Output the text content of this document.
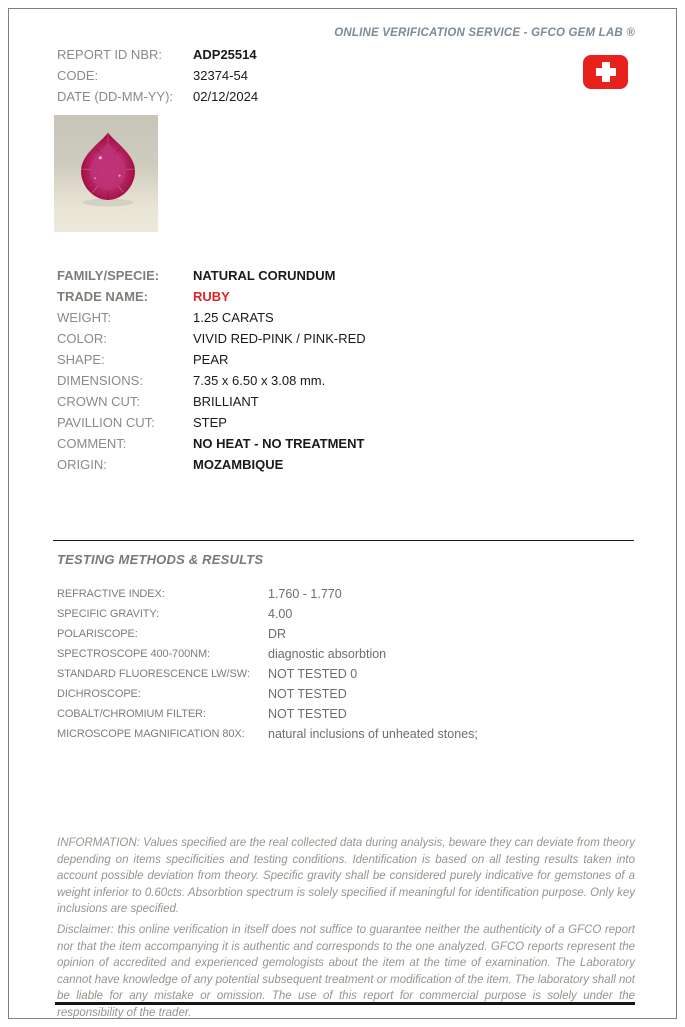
ONLINE VERIFICATION SERVICE - GFCO GEM LAB ®
REPORT ID NBR:	ADP25514
CODE:	32374-54
DATE (DD-MM-YY):	02/12/2024
FAMILY/SPECIE:	NATURAL CORUNDUM
TRADE NAME:	RUBY
WEIGHT:	1.25 CARATS
COLOR:	VIVID RED-PINK / PINK-RED
SHAPE:	PEAR
DIMENSIONS:	7.35 x 6.50 x 3.08 mm.
CROWN CUT:	BRILLIANT
PAVILLION CUT:	STEP
COMMENT:	NO HEAT - NO TREATMENT
ORIGIN:	MOZAMBIQUE
TESTING METHODS & RESULTS
REFRACTIVE INDEX:	1.760 - 1.770
SPECIFIC GRAVITY:	4.00
POLARISCOPE:	DR
SPECTROSCOPE 400-700NM:	diagnostic absorbtion
STANDARD FLUORESCENCE LW/SW:	NOT TESTED 0
DICHROSCOPE:	NOT TESTED
COBALT/CHROMIUM FILTER:	NOT TESTED
MICROSCOPE MAGNIFICATION 80X:	natural inclusions of unheated stones;

INFORMATION: Values specified are the real collected data during analysis, beware they can deviate from theory depending on items specificities and testing conditions. Identification is based on all testing results taken into account possible deviation from theory. Specific gravity shall be considered purely indicative for gemstones of a weight inferior to 0.60cts. Absorbtion spectrum is solely specified if meaningful for identification purpose. Only key inclusions are specified.

Disclaimer: this online verification in itself does not suffice to guarantee neither the authenticity of a GFCO report nor that the item accompanying it is authentic and corresponds to the one analyzed. GFCO reports represent the opinion of accredited and experienced gemologists about the item at the time of examination. The Laboratory cannot have knowledge of any potential subsequent treatment or modification of the item. The laboratory shall not be liable for any mistake or omission. The use of this report for commercial purpose is solely under the responsibility of the trader.
